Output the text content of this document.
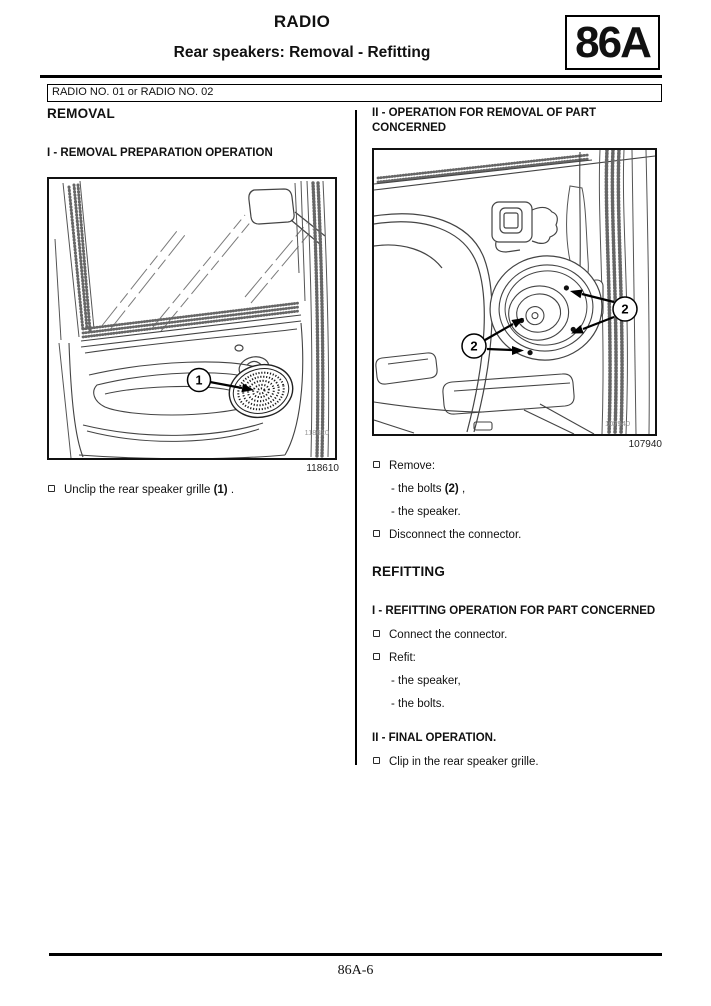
RADIO
Rear speakers: Removal - Refitting	86A
RADIO NO. 01 or RADIO NO. 02
REMOVAL
I - REMOVAL PREPARATION OPERATION
1
118610
118610
Unclip the rear speaker grille (1) .
II - OPERATION FOR REMOVAL OF PART CONCERNED
2
2
107940
107940
Remove:
- the bolts (2) ,
- the speaker.
Disconnect the connector.
REFITTING
I - REFITTING OPERATION FOR PART CONCERNED
Connect the connector.
Refit:
- the speaker,
- the bolts.
II - FINAL OPERATION.
Clip in the rear speaker grille.
86A-6
